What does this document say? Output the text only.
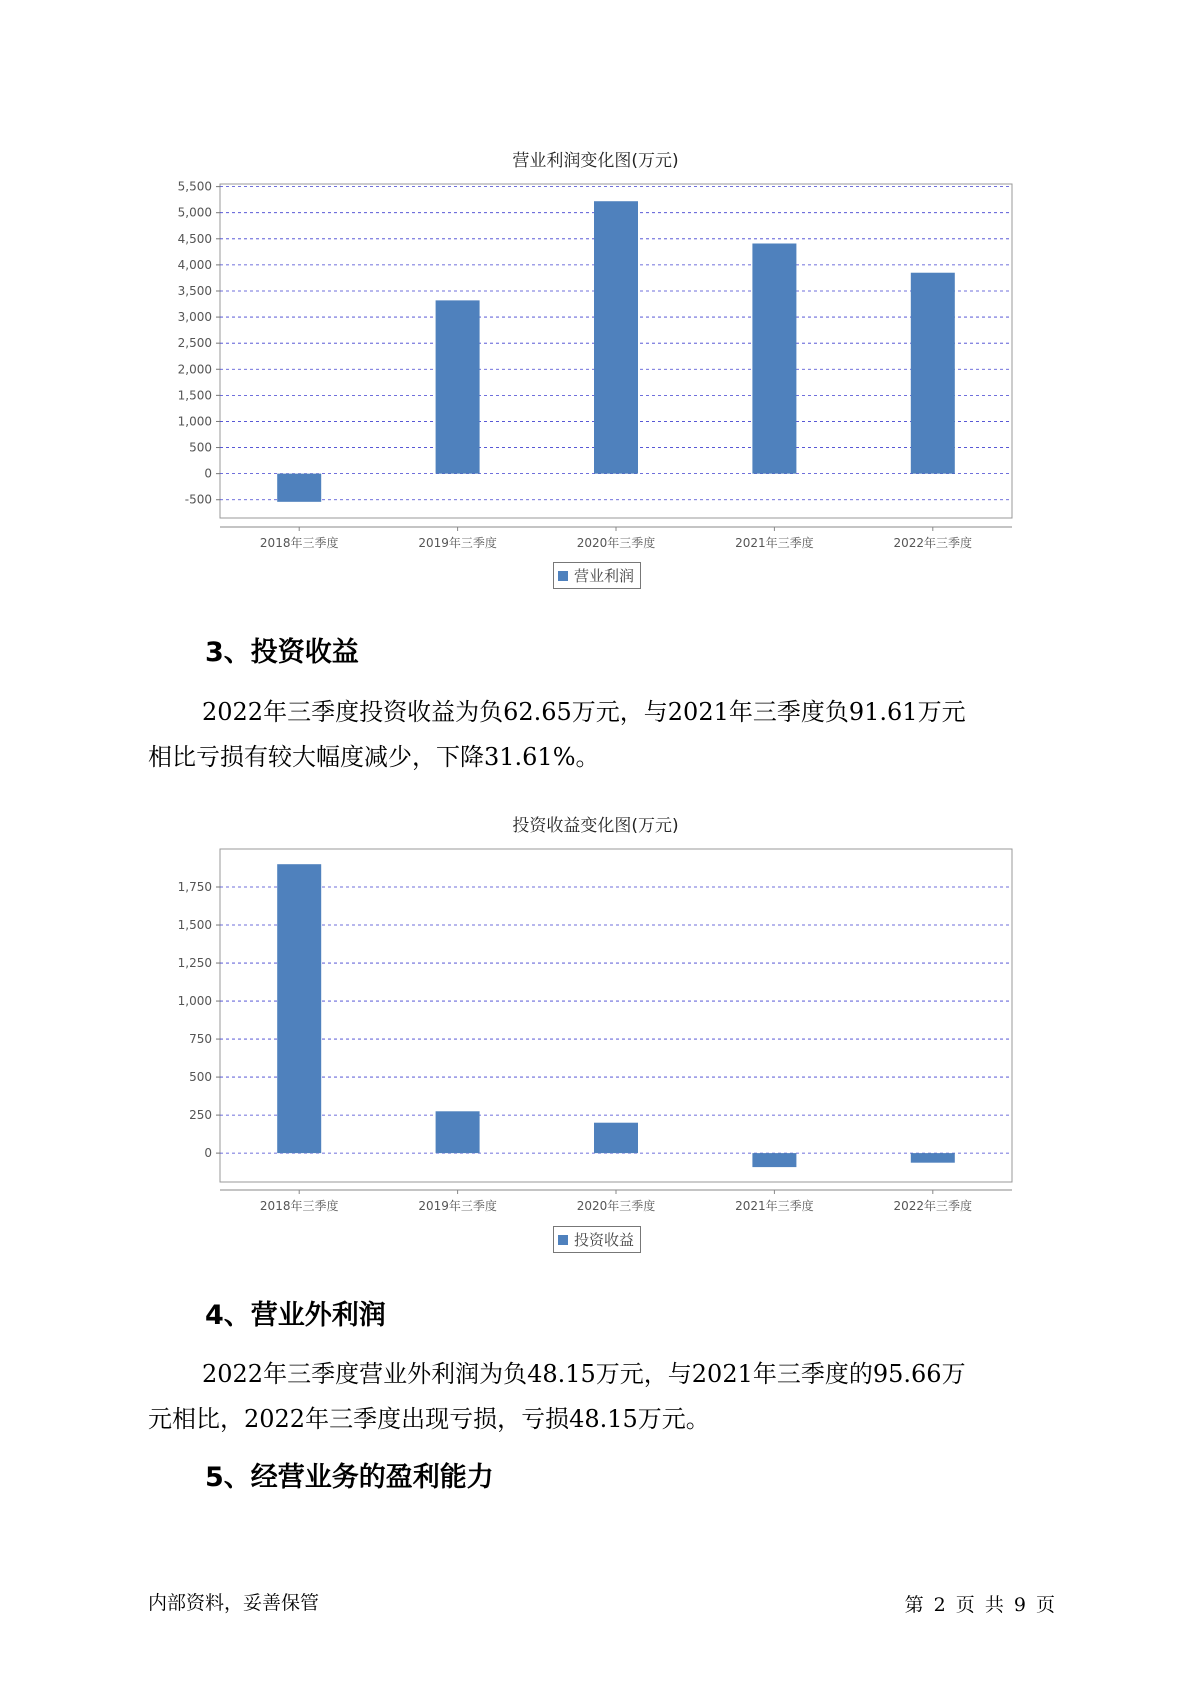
营业利润变化图(万元)
-500
0
500
1,000
1,500
2,000
2,500
3,000
3,500
4,000
4,500
5,000
5,500
2018年三季度	2019年三季度	2020年三季度	2021年三季度	2022年三季度
营业利润
3、投资收益
2022年三季度投资收益为负62.65万元，与2021年三季度负91.61万元
相比亏损有较大幅度减少，下降31.61%。
投资收益变化图(万元)
0
250
500
750
1,000
1,250
1,500
1,750
2018年三季度	2019年三季度	2020年三季度	2021年三季度	2022年三季度
投资收益
4、营业外利润
2022年三季度营业外利润为负48.15万元，与2021年三季度的95.66万
元相比，2022年三季度出现亏损，亏损48.15万元。
5、经营业务的盈利能力
内部资料，妥善保管	第 2 页 共 9 页
